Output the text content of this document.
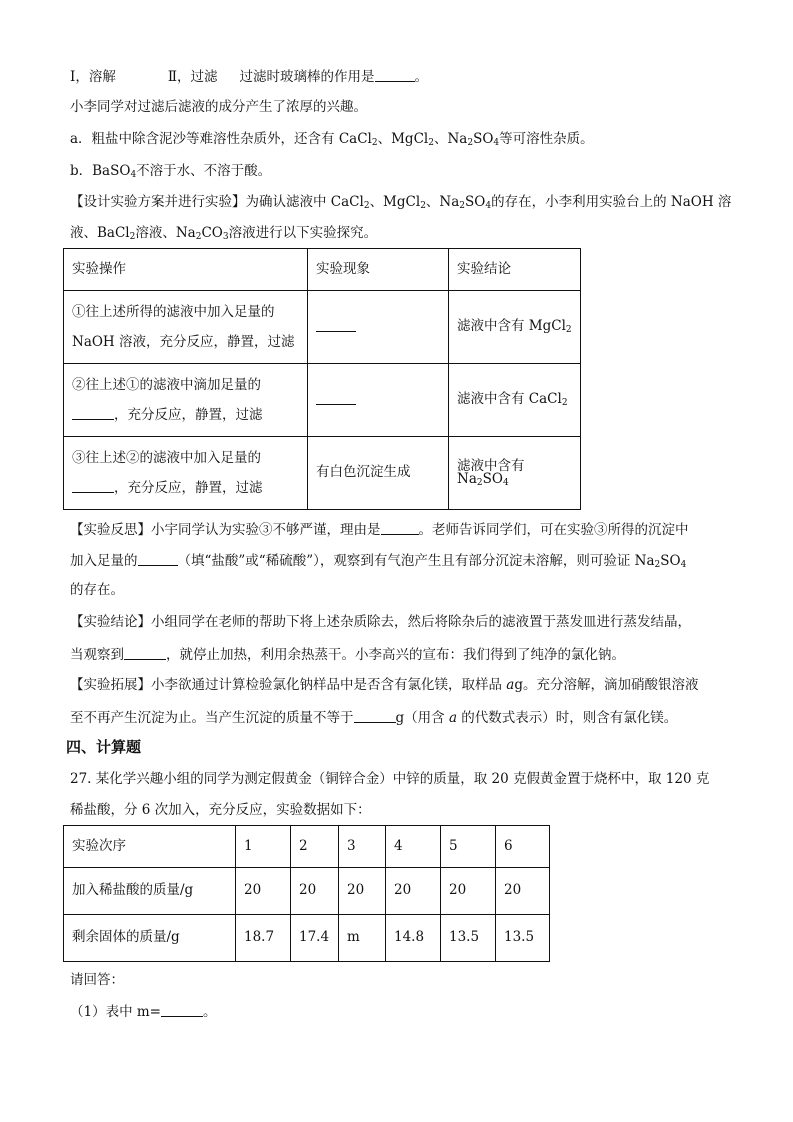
Ⅰ，溶解	Ⅱ，过滤 过滤时玻璃棒的作用是	。
小李同学对过滤后滤液的成分产生了浓厚的兴趣。
a．粗盐中除含泥沙等难溶性杂质外，还含有 CaCl$_2$、MgCl$_2$、$Na_2SO_4$等可溶性杂质。
b．BaSO$_4$不溶于水、不溶于酸。
【设计实验方案并进行实验】为确认滤液中 CaCl$_2$、MgCl$_2$、$Na_2SO_4$的存在，小李利用实验台上的 NaOH 溶
液、BaCl$_2$溶液、$Na_2CO_3$溶液进行以下实验探究。
实验操作	实验现象	实验结论

①往上述所得的滤液中加入足量的
NaOH 溶液，充分反应，静置，过滤		滤液中含有 MgCl$_2$

②往上述①的滤液中滴加足量的
，充分反应，静置，过滤		滤液中含有 CaCl$_2$

③往上述②的滤液中加入足量的
，充分反应，静置，过滤	有白色沉淀生成	滤液中含有 $Na_2SO_4$
【实验反思】小宇同学认为实验③不够严谨，理由是	。老师告诉同学们，可在实验③所得的沉淀中
加入足量的	（填“盐酸”或“稀硫酸”），观察到有气泡产生且有部分沉淀未溶解，则可验证 $Na_2SO_4$
的存在。
【实验结论】小组同学在老师的帮助下将上述杂质除去，然后将除杂后的滤液置于蒸发皿进行蒸发结晶，
当观察到	，就停止加热，利用余热蒸干。小李高兴的宣布：我们得到了纯净的氯化钠。
【实验拓展】小李欲通过计算检验氯化钠样品中是否含有氯化镁，取样品 ag。充分溶解，滴加硝酸银溶液
至不再产生沉淀为止。当产生沉淀的质量不等于	g（用含 a 的代数式表示）时，则含有氯化镁。
四、计算题
27. 某化学兴趣小组的同学为测定假黄金（铜锌合金）中锌的质量，取 20 克假黄金置于烧杯中，取 120 克
稀盐酸，分 6 次加入，充分反应，实验数据如下：
实验次序	1	2	3	4	5	6
加入稀盐酸的质量/g	20	20	20	20	20	20
剩余固体的质量/g	18.7	17.4	m	14.8	13.5	13.5
请回答：
（1）表中 m=	。
